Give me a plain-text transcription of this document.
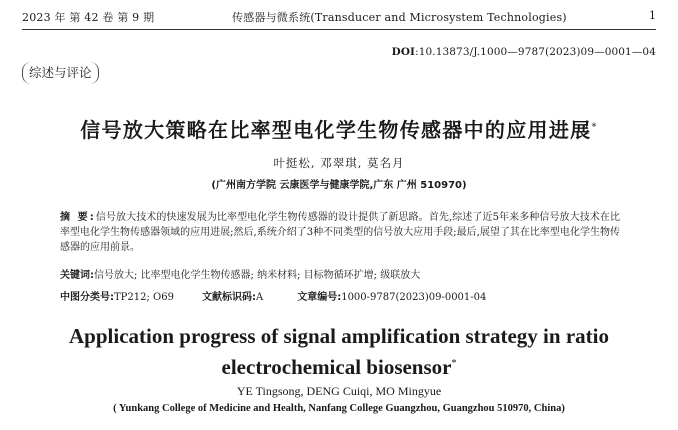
2023 年 第 42 卷 第 9 期	传感器与微系统(Transducer and Microsystem Technologies)	1
DOI:10.13873/J.1000—9787(2023)09—0001—04
综述与评论
信号放大策略在比率型电化学生物传感器中的应用进展*
叶挺松, 邓翠琪, 莫名月
(广州南方学院 云康医学与健康学院,广东 广州 510970)
摘 要:信号放大技术的快速发展为比率型电化学生物传感器的设计提供了新思路。首先,综述了近5年来多种信号放大技术在比率型电化学生物传感器领域的应用进展;然后,系统介绍了3种不同类型的信号放大应用手段;最后,展望了其在比率型电化学生物传感器的应用前景。
关键词:信号放大; 比率型电化学生物传感器; 纳米材料; 目标物循环扩增; 级联放大
中图分类号:TP212; O69	文献标识码:A	文章编号:1000-9787(2023)09-0001-04
Application progress of signal amplification strategy in ratio electrochemical biosensor*
YE Tingsong, DENG Cuiqi, MO Mingyue
( Yunkang College of Medicine and Health, Nanfang College Guangzhou, Guangzhou 510970, China)
